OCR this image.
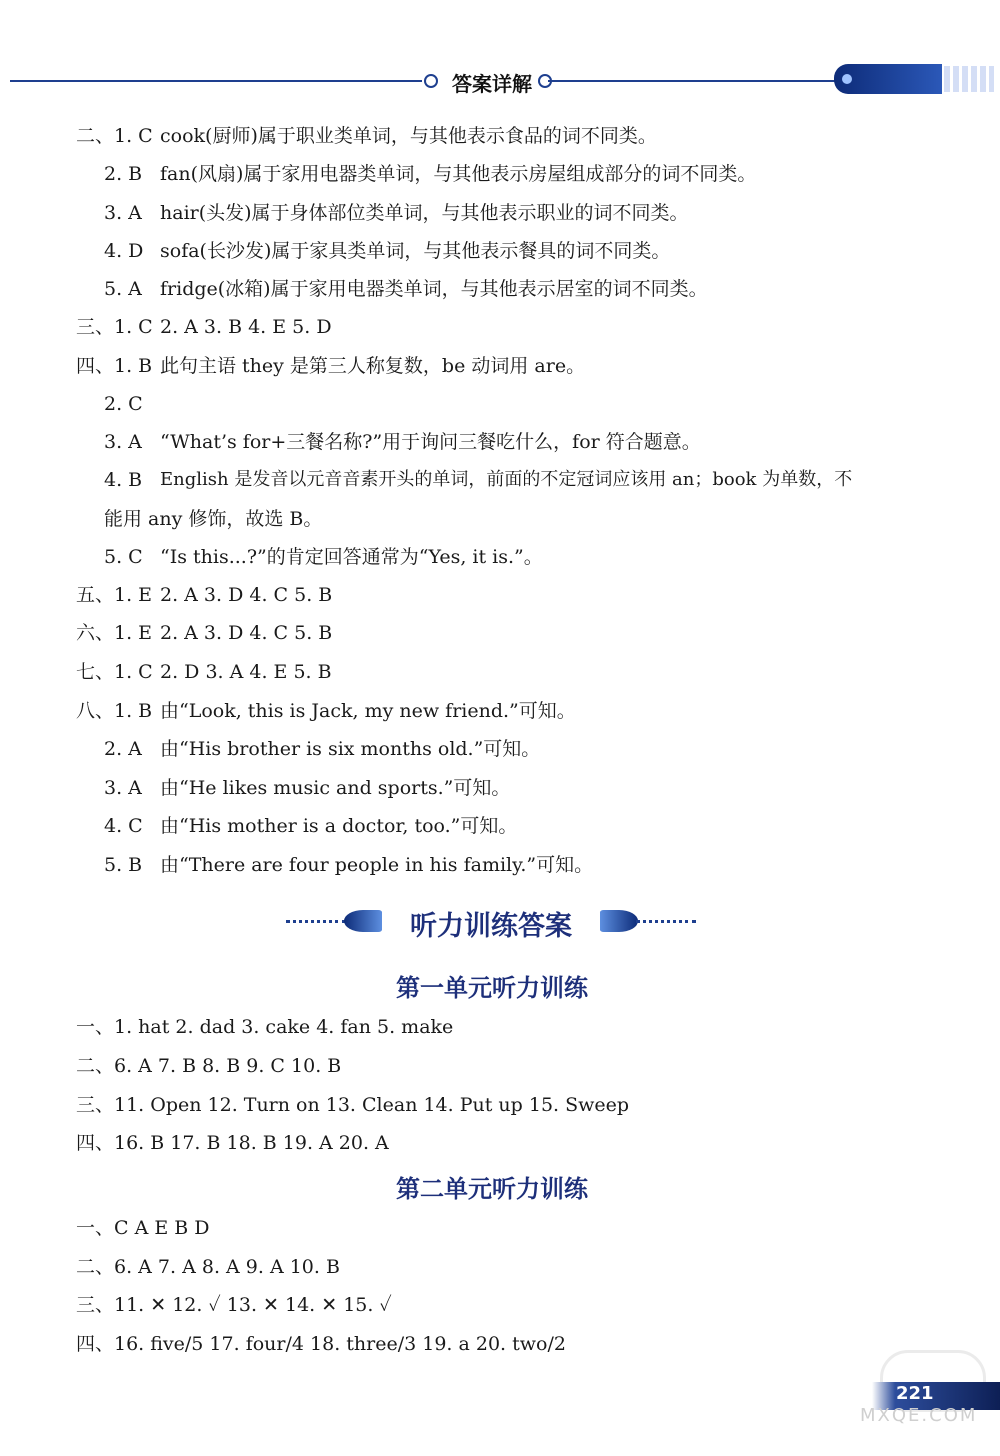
答案详解
二、1. C cook(厨师)属于职业类单词，与其他表示食品的词不同类。
2. B fan(风扇)属于家用电器类单词，与其他表示房屋组成部分的词不同类。
3. A hair(头发)属于身体部位类单词，与其他表示职业的词不同类。
4. D sofa(长沙发)属于家具类单词，与其他表示餐具的词不同类。
5. A fridge(冰箱)属于家用电器类单词，与其他表示居室的词不同类。
三、1. C 2. A 3. B 4. E 5. D
四、1. B 此句主语 they 是第三人称复数，be 动词用 are。
2. C
3. A “What’s for+三餐名称?”用于询问三餐吃什么，for 符合题意。
4. B English 是发音以元音音素开头的单词，前面的不定冠词应该用 an；book 为单数，不
能用 any 修饰，故选 B。
5. C “Is this...?”的肯定回答通常为“Yes, it is.”。
五、1. E 2. A 3. D 4. C 5. B
六、1. E 2. A 3. D 4. C 5. B
七、1. C 2. D 3. A 4. E 5. B
八、1. B 由“Look, this is Jack, my new friend.”可知。
2. A 由“His brother is six months old.”可知。
3. A 由“He likes music and sports.”可知。
4. C 由“His mother is a doctor, too.”可知。
5. B 由“There are four people in his family.”可知。
听力训练答案
第一单元听力训练
一、1. hat 2. dad 3. cake 4. fan 5. make
二、6. A 7. B 8. B 9. C 10. B
三、11. Open 12. Turn on 13. Clean 14. Put up 15. Sweep
四、16. B 17. B 18. B 19. A 20. A
第二单元听力训练
一、C A E B D
二、6. A 7. A 8. A 9. A 10. B
三、11. ✕ 12. ✓ 13. ✕ 14. ✕ 15. ✓
四、16. five/5 17. four/4 18. three/3 19. a 20. two/2
221
MXQE.COM
